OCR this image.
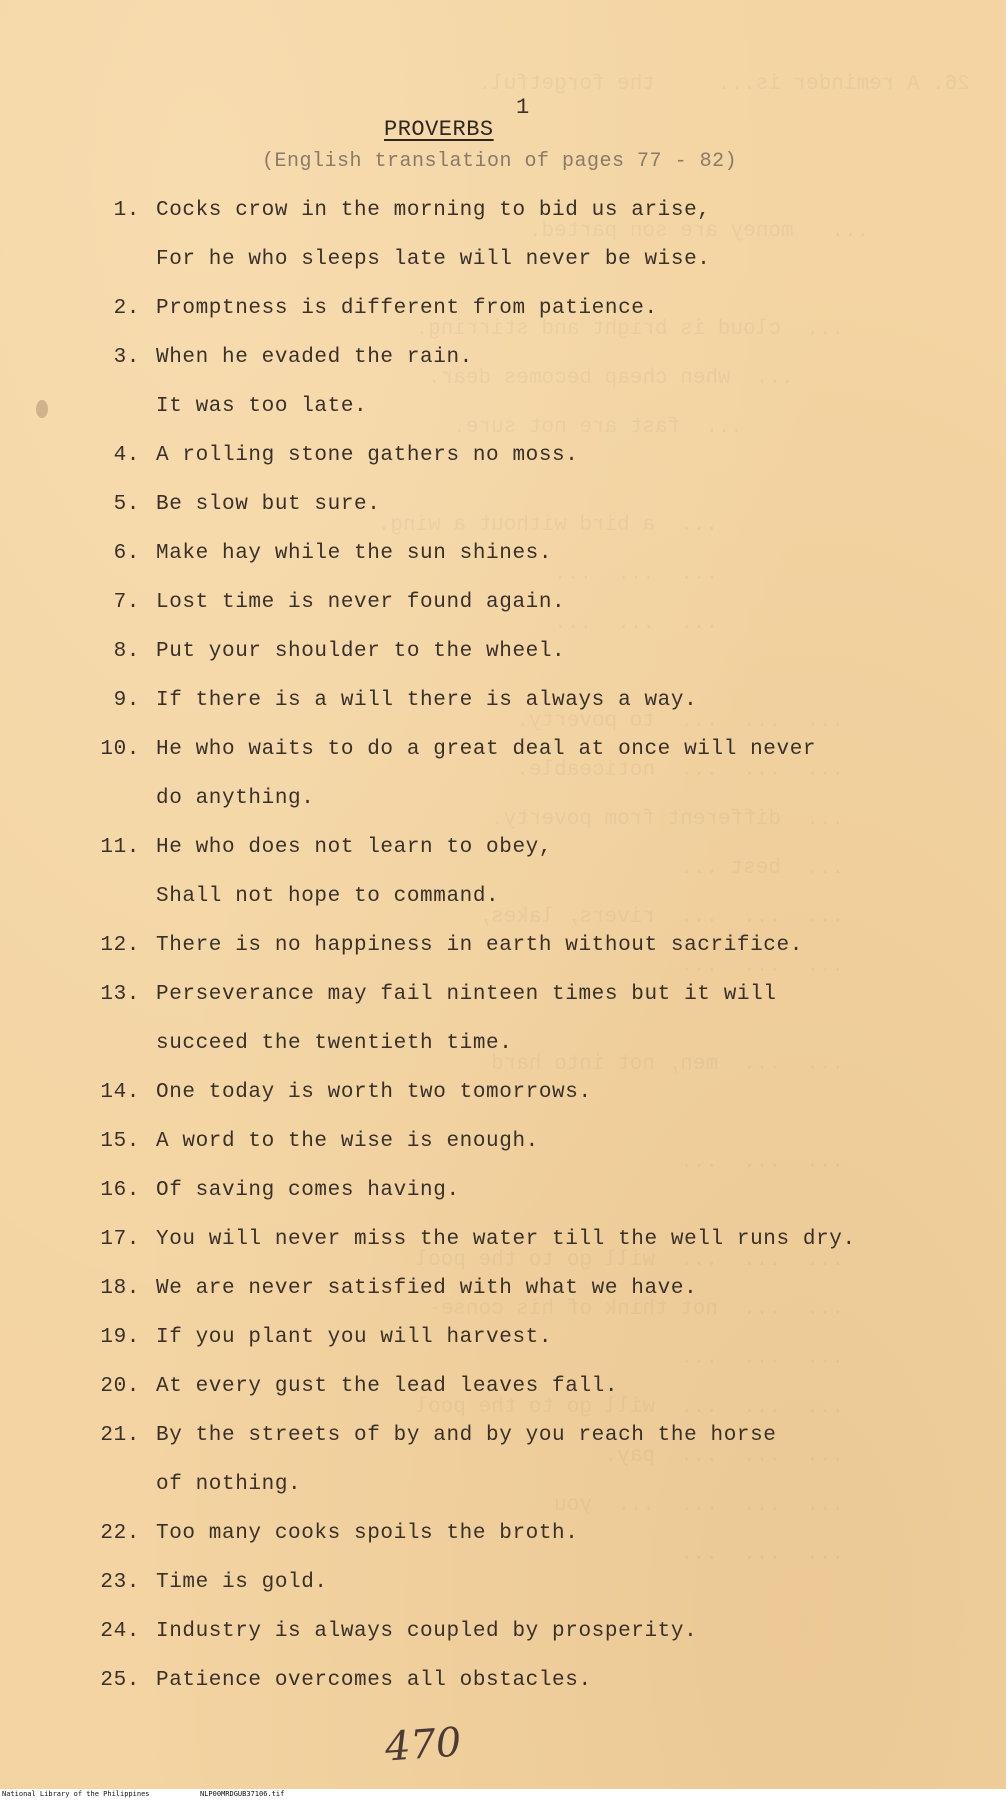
26. A reminder is...     the forgetful.

...   money are son parted.

...  cloud is bright and stirring.
...  when cheap becomes dear.
...  fast are not sure.

...  a bird without a wing.
...  ...  ...
...  ...  ...

...  ...  ...  to poverty.
...  ...  ...  noticeable.
...  different from poverty.
...  best ...
...  ...  ...  rivers, lakes,
...  ...  ...

...  ...  men, not into hard

...  ...  ...

...  ...  ...  will go to the pool
...  ...  not think of his conse-
...  ...  ...
...  ...  ...  will go to the pool
...  ...  ...  pay.
...  ...  ...  ...  you
...  ...  ...
1
PROVERBS
(English translation of pages 77 - 82)
1. Cocks crow in the morning to bid us arise,
For he who sleeps late will never be wise.
2. Promptness is different from patience.
3. When he evaded the rain.
It was too late.
4. A rolling stone gathers no moss.
5. Be slow but sure.
6. Make hay while the sun shines.
7. Lost time is never found again.
8. Put your shoulder to the wheel.
9. If there is a will there is always a way.
10. He who waits to do a great deal at once will never
do anything.
11. He who does not learn to obey,
Shall not hope to command.
12. There is no happiness in earth without sacrifice.
13. Perseverance may fail ninteen times but it will
succeed the twentieth time.
14. One today is worth two tomorrows.
15. A word to the wise is enough.
16. Of saving comes having.
17. You will never miss the water till the well runs dry.
18. We are never satisfied with what we have.
19. If you plant you will harvest.
20. At every gust the lead leaves fall.
21. By the streets of by and by you reach the horse
of nothing.
22. Too many cooks spoils the broth.
23. Time is gold.
24. Industry is always coupled by prosperity.
25. Patience overcomes all obstacles.
470
National Library of the Philippines	NLP00MRDGUB37106.tif
